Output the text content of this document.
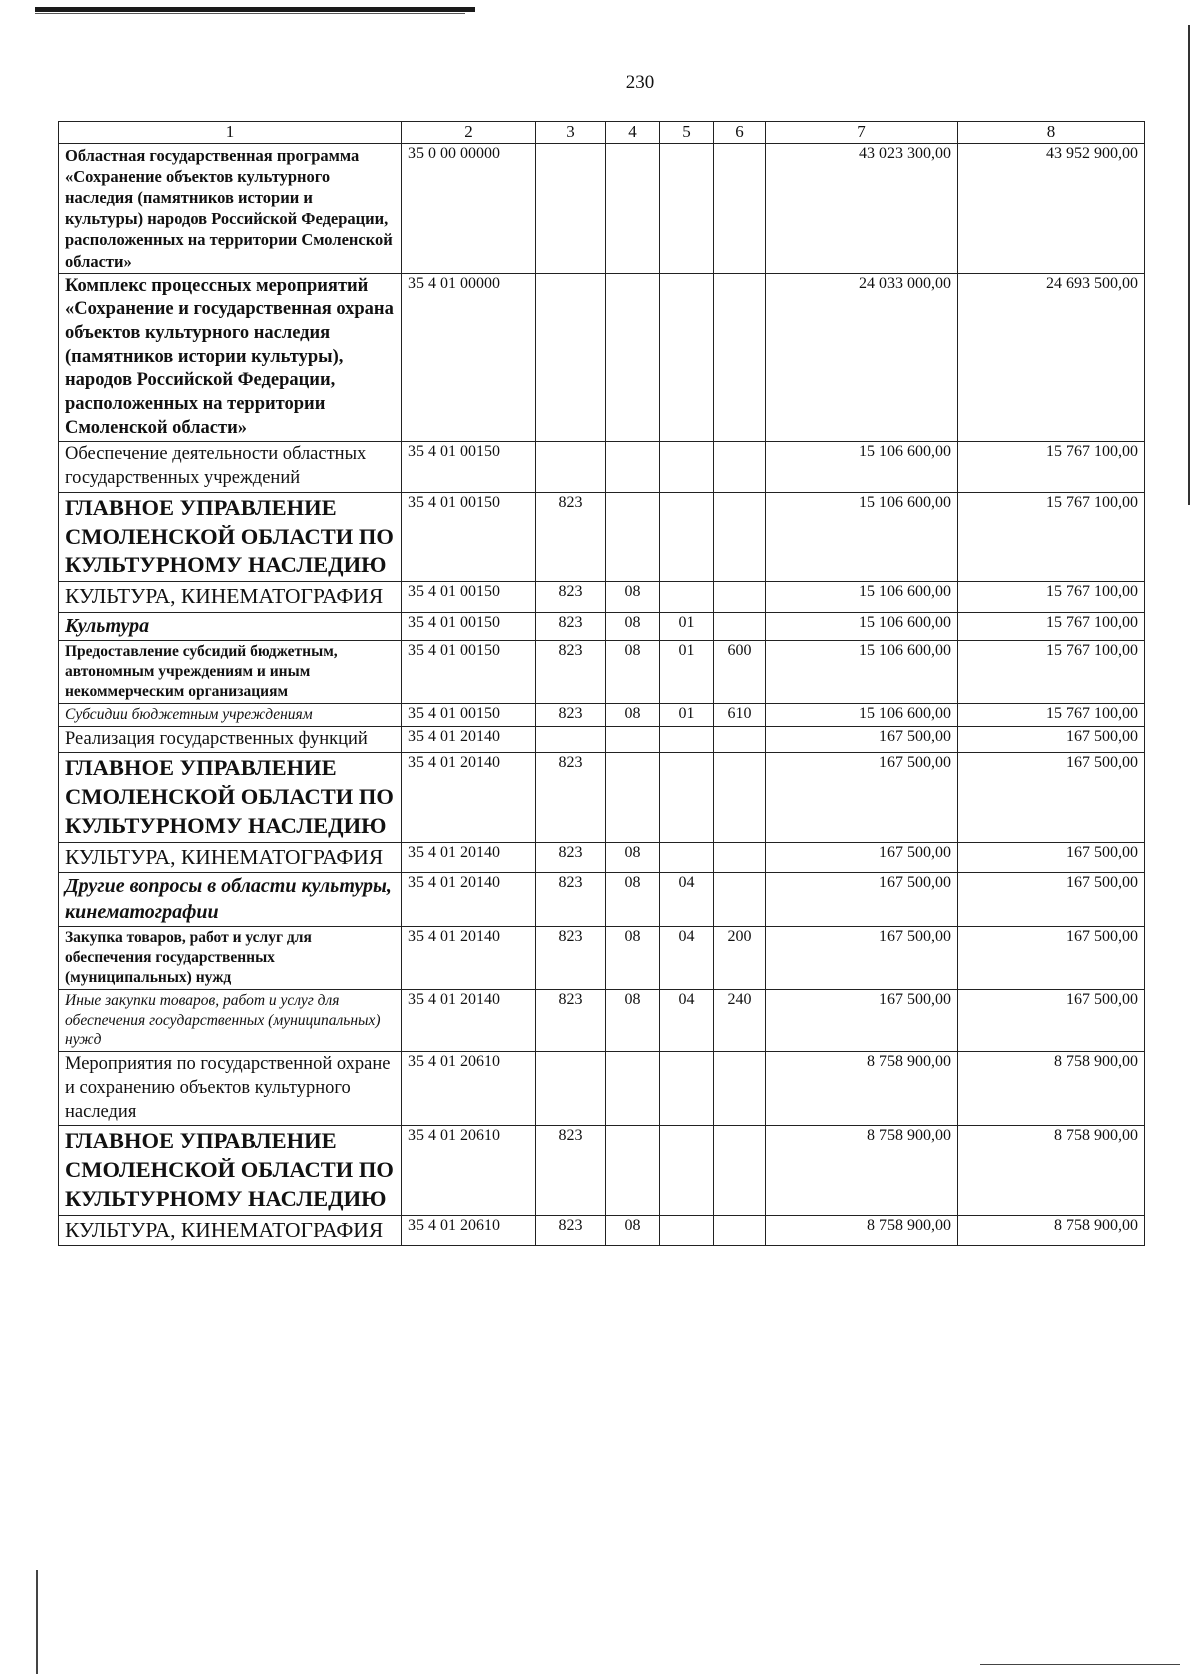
230
1	2	3	4	5	6	7	8
Областная государственная программа «Сохранение объектов культурного наследия (памятников истории и культуры) народов Российской Федерации, расположенных на территории Смоленской области»	35 0 00 00000					43 023 300,00	43 952 900,00
Комплекс процессных мероприятий «Сохранение и государственная охрана объектов культурного наследия (памятников истории культуры), народов Российской Федерации, расположенных на территории Смоленской области»	35 4 01 00000					24 033 000,00	24 693 500,00
Обеспечение деятельности областных государственных учреждений	35 4 01 00150					15 106 600,00	15 767 100,00
ГЛАВНОЕ УПРАВЛЕНИЕ СМОЛЕНСКОЙ ОБЛАСТИ ПО КУЛЬТУРНОМУ НАСЛЕДИЮ	35 4 01 00150	823				15 106 600,00	15 767 100,00
КУЛЬТУРА, КИНЕМАТОГРАФИЯ	35 4 01 00150	823	08			15 106 600,00	15 767 100,00
Культура	35 4 01 00150	823	08	01		15 106 600,00	15 767 100,00
Предоставление субсидий бюджетным, автономным учреждениям и иным некоммерческим организациям	35 4 01 00150	823	08	01	600	15 106 600,00	15 767 100,00
Субсидии бюджетным учреждениям	35 4 01 00150	823	08	01	610	15 106 600,00	15 767 100,00
Реализация государственных функций	35 4 01 20140					167 500,00	167 500,00
ГЛАВНОЕ УПРАВЛЕНИЕ СМОЛЕНСКОЙ ОБЛАСТИ ПО КУЛЬТУРНОМУ НАСЛЕДИЮ	35 4 01 20140	823				167 500,00	167 500,00
КУЛЬТУРА, КИНЕМАТОГРАФИЯ	35 4 01 20140	823	08			167 500,00	167 500,00
Другие вопросы в области культуры, кинематографии	35 4 01 20140	823	08	04		167 500,00	167 500,00
Закупка товаров, работ и услуг для обеспечения государственных (муниципальных) нужд	35 4 01 20140	823	08	04	200	167 500,00	167 500,00
Иные закупки товаров, работ и услуг для обеспечения государственных (муниципальных) нужд	35 4 01 20140	823	08	04	240	167 500,00	167 500,00
Мероприятия по государственной охране и сохранению объектов культурного наследия	35 4 01 20610					8 758 900,00	8 758 900,00
ГЛАВНОЕ УПРАВЛЕНИЕ СМОЛЕНСКОЙ ОБЛАСТИ ПО КУЛЬТУРНОМУ НАСЛЕДИЮ	35 4 01 20610	823				8 758 900,00	8 758 900,00
КУЛЬТУРА, КИНЕМАТОГРАФИЯ	35 4 01 20610	823	08			8 758 900,00	8 758 900,00
